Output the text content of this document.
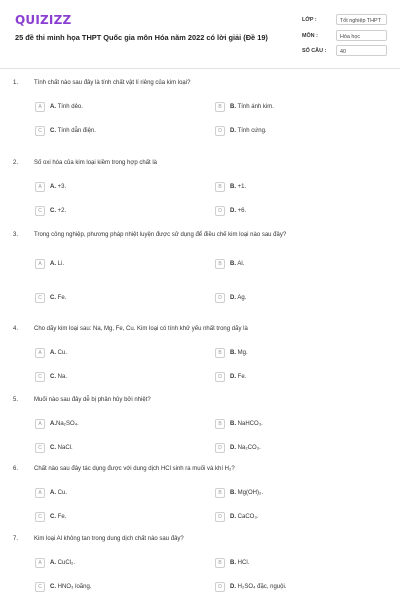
QUIZIZZ
25 đề thi minh họa THPT Quốc gia môn Hóa năm 2022 có lời giải (Đề 19)
LỚP :	Tốt nghiệp THPT
MÔN :	Hóa học
SỐ CÂU :	40
1.	Tính chất nào sau đây là tính chất vật lí riêng của kim loại?
A	A. Tính dẻo.	B	B. Tính ánh kim.
C	C. Tính dẫn điện.	D	D. Tính cứng.
2.	Số oxi hóa của kim loại kiềm trong hợp chất là
A	A. +3.	B	B. +1.
C	C. +2.	D	D. +6.
3.	Trong công nghiệp, phương pháp nhiệt luyện được sử dụng để điều chế kim loại nào sau đây?
A	A. Li.	B	B. Al.
C	C. Fe.	D	D. Ag.
4.	Cho dãy kim loại sau: Na, Mg, Fe, Cu. Kim loại có tính khử yếu nhất trong dãy là
A	A. Cu.	B	B. Mg.
C	C. Na.	D	D. Fe.
5.	Muối nào sau đây dễ bị phân hủy bởi nhiệt?
A	A.Na₂SO₄.	B	B. NaHCO₃.
C	C. NaCl.	D	D. Na₂CO₃.
6.	Chất nào sau đây tác dụng được với dung dịch HCl sinh ra muối và khí H₂?
A	A. Cu.	B	B. Mg(OH)₂.
C	C. Fe.	D	D. CaCO₃.
7.	Kim loại Al không tan trong dung dịch chất nào sau đây?
A	A. CuCl₂.	B	B. HCl.
C	C. HNO₃ loãng.	D	D. H₂SO₄ đặc, nguội.
